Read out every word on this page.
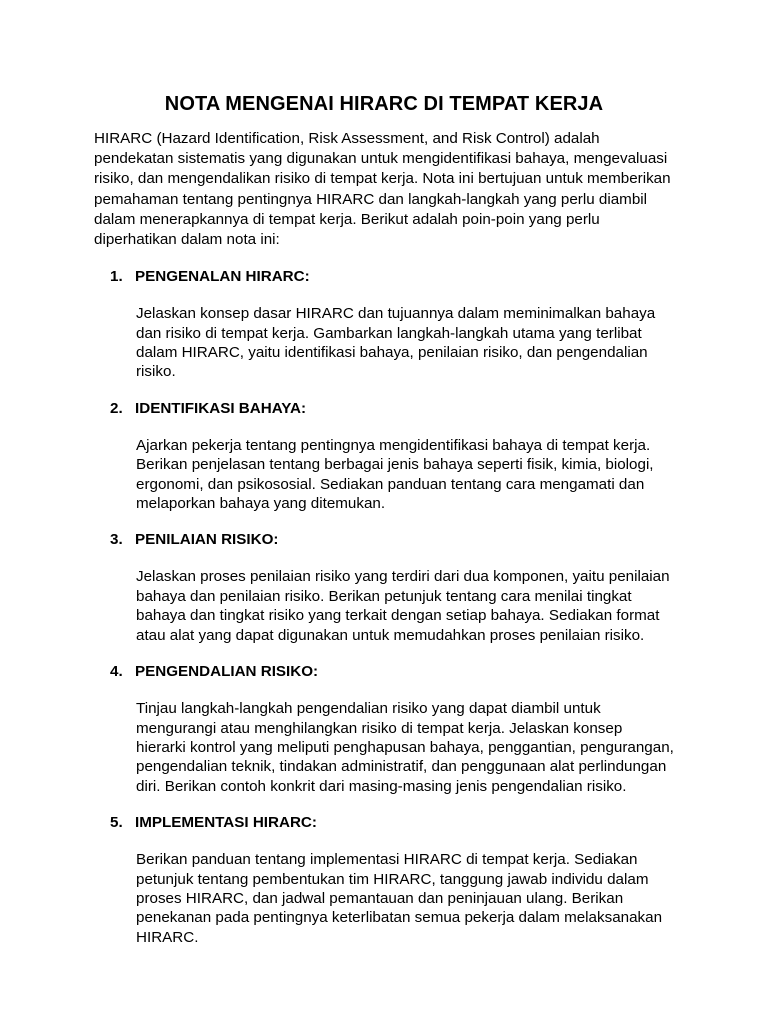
NOTA MENGENAI HIRARC DI TEMPAT KERJA

HIRARC (Hazard Identification, Risk Assessment, and Risk Control) adalah pendekatan sistematis yang digunakan untuk mengidentifikasi bahaya, mengevaluasi risiko, dan mengendalikan risiko di tempat kerja. Nota ini bertujuan untuk memberikan pemahaman tentang pentingnya HIRARC dan langkah-langkah yang perlu diambil dalam menerapkannya di tempat kerja. Berikut adalah poin-poin yang perlu diperhatikan dalam nota ini:

1. PENGENALAN HIRARC:

Jelaskan konsep dasar HIRARC dan tujuannya dalam meminimalkan bahaya dan risiko di tempat kerja. Gambarkan langkah-langkah utama yang terlibat dalam HIRARC, yaitu identifikasi bahaya, penilaian risiko, dan pengendalian risiko.

2. IDENTIFIKASI BAHAYA:

Ajarkan pekerja tentang pentingnya mengidentifikasi bahaya di tempat kerja. Berikan penjelasan tentang berbagai jenis bahaya seperti fisik, kimia, biologi, ergonomi, dan psikososial. Sediakan panduan tentang cara mengamati dan melaporkan bahaya yang ditemukan.

3. PENILAIAN RISIKO:

Jelaskan proses penilaian risiko yang terdiri dari dua komponen, yaitu penilaian bahaya dan penilaian risiko. Berikan petunjuk tentang cara menilai tingkat bahaya dan tingkat risiko yang terkait dengan setiap bahaya. Sediakan format atau alat yang dapat digunakan untuk memudahkan proses penilaian risiko.

4. PENGENDALIAN RISIKO:

Tinjau langkah-langkah pengendalian risiko yang dapat diambil untuk mengurangi atau menghilangkan risiko di tempat kerja. Jelaskan konsep hierarki kontrol yang meliputi penghapusan bahaya, penggantian, pengurangan, pengendalian teknik, tindakan administratif, dan penggunaan alat perlindungan diri. Berikan contoh konkrit dari masing-masing jenis pengendalian risiko.

5. IMPLEMENTASI HIRARC:

Berikan panduan tentang implementasi HIRARC di tempat kerja. Sediakan petunjuk tentang pembentukan tim HIRARC, tanggung jawab individu dalam proses HIRARC, dan jadwal pemantauan dan peninjauan ulang. Berikan penekanan pada pentingnya keterlibatan semua pekerja dalam melaksanakan HIRARC.
